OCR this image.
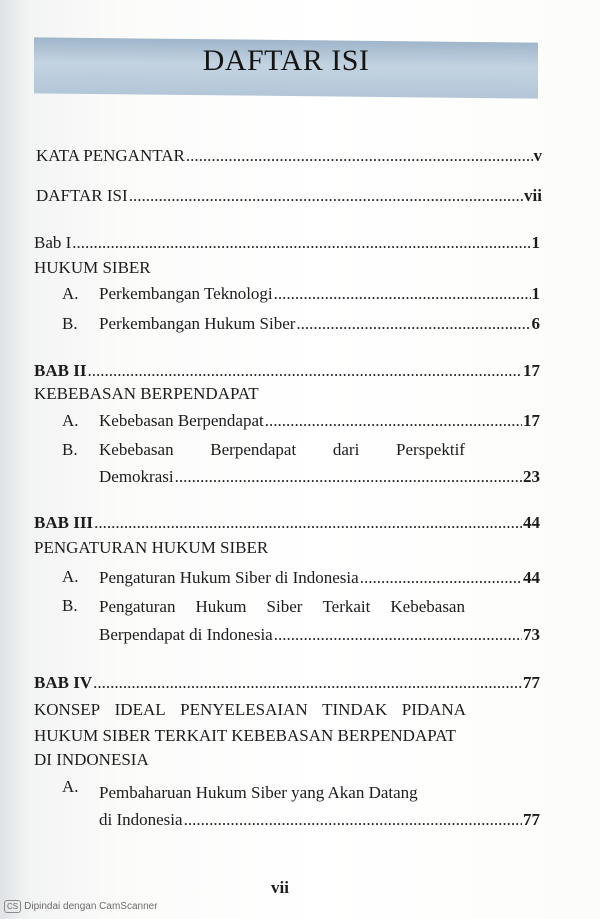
DAFTAR ISI
KATA PENGANTAR .....	v
DAFTAR ISI .....	vii
Bab I .....	1
HUKUM SIBER
A. Perkembangan Teknologi .....	1
B. Perkembangan Hukum Siber .....	6
BAB II .....	17
KEBEBASAN BERPENDAPAT
A. Kebebasan Berpendapat .....	17
B. Kebebasan Berpendapat dari Perspektif
Demokrasi .....	23
BAB III .....	44
PENGATURAN HUKUM SIBER
A. Pengaturan Hukum Siber di Indonesia .....	44
B. Pengaturan Hukum Siber Terkait Kebebasan
Berpendapat di Indonesia .....	73
BAB IV .....	77
KONSEP IDEAL PENYELESAIAN TINDAK PIDANA
HUKUM SIBER TERKAIT KEBEBASAN BERPENDAPAT
DI INDONESIA
A. Pembaharuan Hukum Siber yang Akan Datang
di Indonesia .....	77
vii
CS Dipindai dengan CamScanner
